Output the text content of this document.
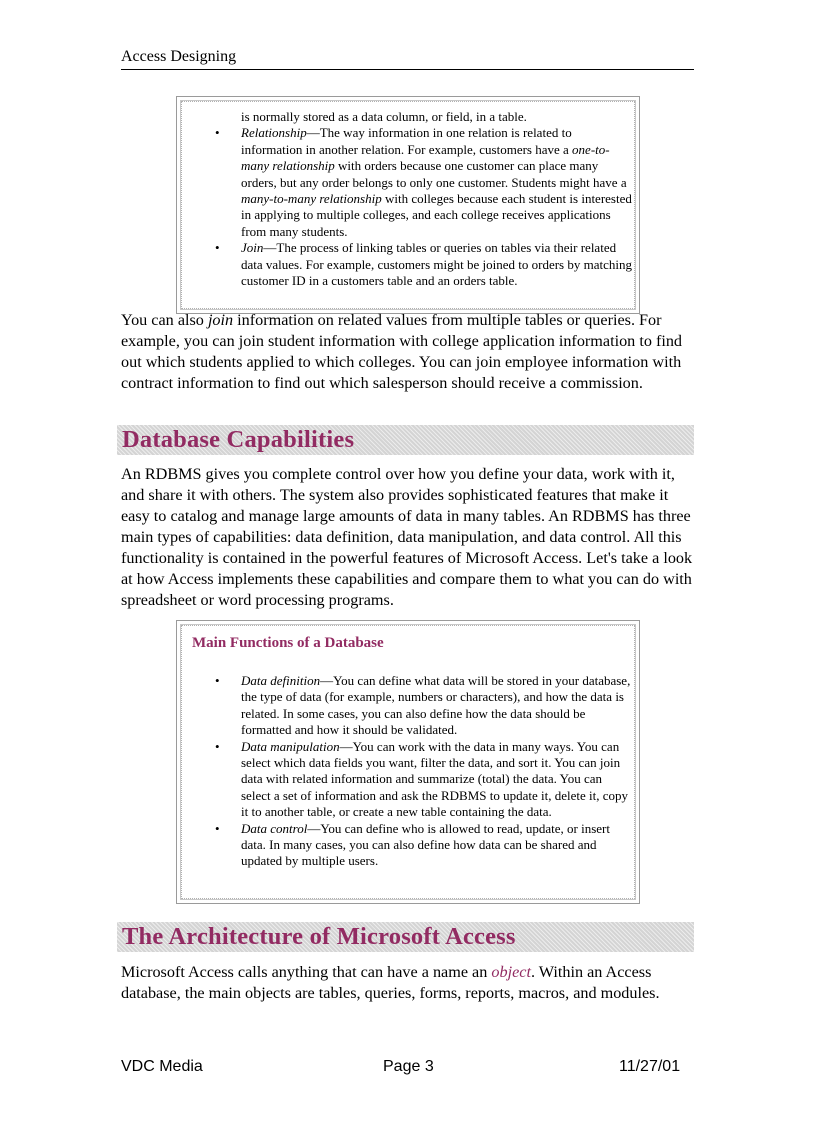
Access Designing
is normally stored as a data column, or field, in a table.
• Relationship—The way information in one relation is related to information in another relation. For example, customers have a one-to-many relationship with orders because one customer can place many orders, but any order belongs to only one customer. Students might have a many-to-many relationship with colleges because each student is interested in applying to multiple colleges, and each college receives applications from many students.
• Join—The process of linking tables or queries on tables via their related data values. For example, customers might be joined to orders by matching customer ID in a customers table and an orders table.

You can also join information on related values from multiple tables or queries. For example, you can join student information with college application information to find out which students applied to which colleges. You can join employee information with contract information to find out which salesperson should receive a commission.

Database Capabilities

An RDBMS gives you complete control over how you define your data, work with it, and share it with others. The system also provides sophisticated features that make it easy to catalog and manage large amounts of data in many tables. An RDBMS has three main types of capabilities: data definition, data manipulation, and data control. All this functionality is contained in the powerful features of Microsoft Access. Let's take a look at how Access implements these capabilities and compare them to what you can do with spreadsheet or word processing programs.

Main Functions of a Database
• Data definition—You can define what data will be stored in your database, the type of data (for example, numbers or characters), and how the data is related. In some cases, you can also define how the data should be formatted and how it should be validated.
• Data manipulation—You can work with the data in many ways. You can select which data fields you want, filter the data, and sort it. You can join data with related information and summarize (total) the data. You can select a set of information and ask the RDBMS to update it, delete it, copy it to another table, or create a new table containing the data.
• Data control—You can define who is allowed to read, update, or insert data. In many cases, you can also define how data can be shared and updated by multiple users.
The Architecture of Microsoft Access

Microsoft Access calls anything that can have a name an object. Within an Access database, the main objects are tables, queries, forms, reports, macros, and modules.

VDC Media	Page 3	11/27/01
